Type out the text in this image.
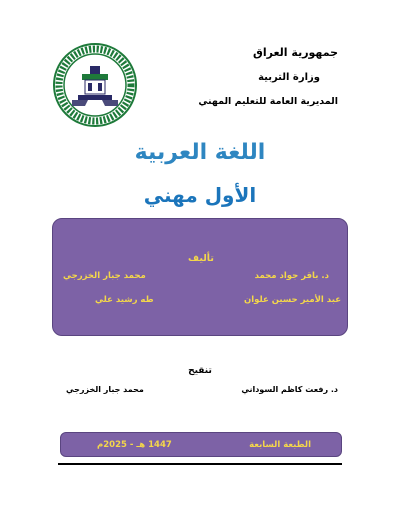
جمهورية العراق
وزارة التربية
المديرية العامة للتعليم المهني
اللغة العربية
الأول مهني
تأليف
د. باقر جواد محمد
محمد جبار الخزرجي
عبد الأمير حسين علوان
طه رشيد علي
تنقيح
د. رفعت كاظم السوداني
محمد جبار الخزرجي
الطبعة السابعة
1447 هـ - 2025م
